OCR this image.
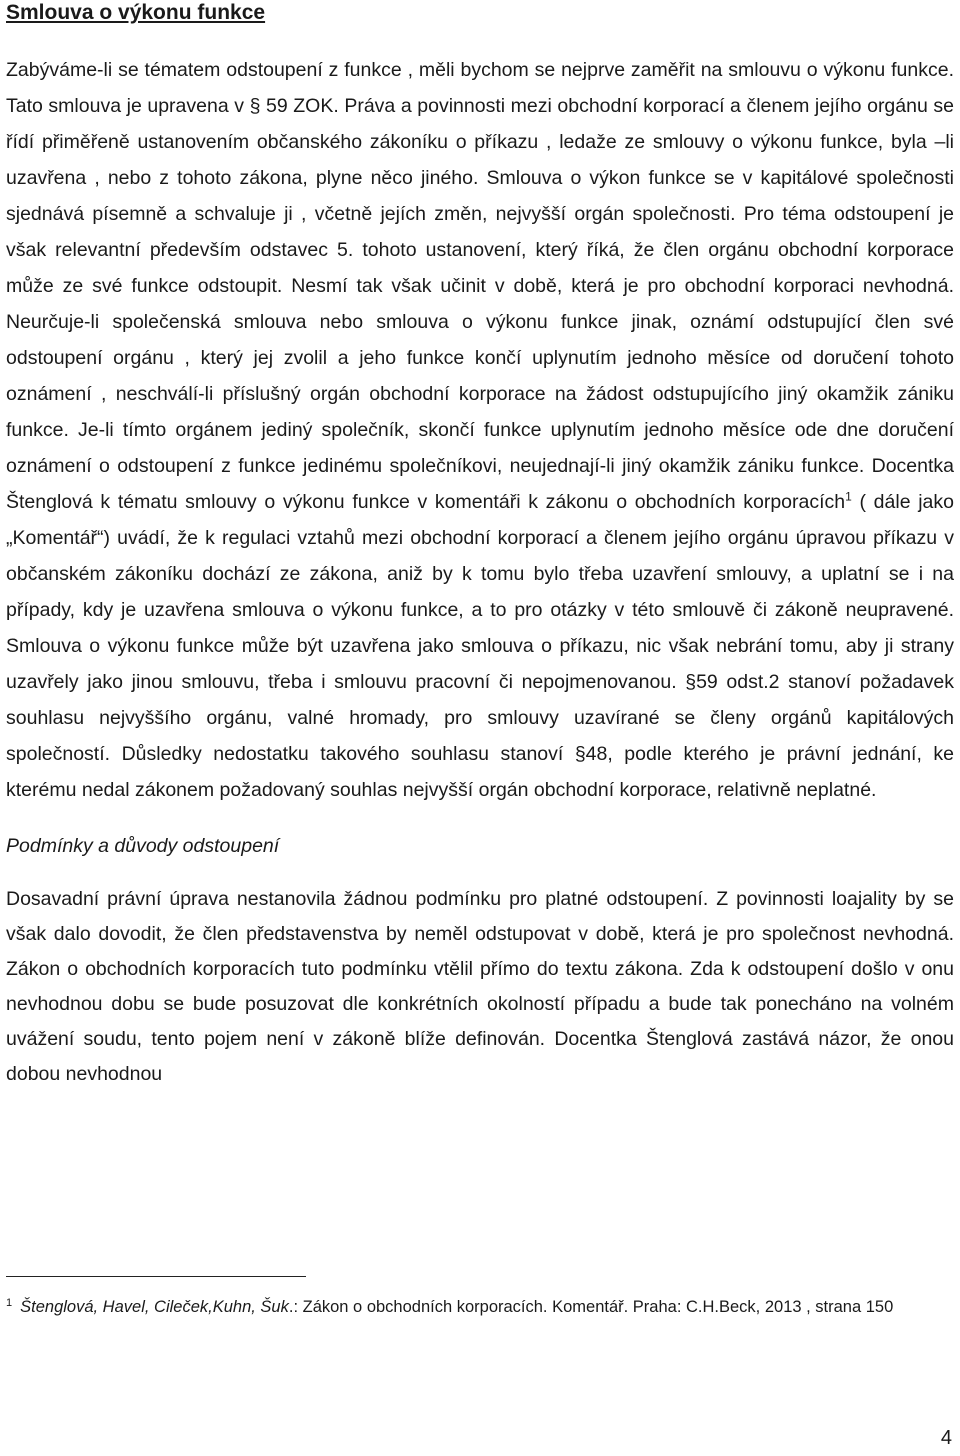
Smlouva o výkonu funkce

Zabýváme-li se tématem odstoupení z funkce , měli bychom se nejprve zaměřit na smlouvu o výkonu funkce. Tato smlouva je upravena v § 59 ZOK. Práva a povinnosti mezi obchodní korporací a členem jejího orgánu se řídí přiměřeně ustanovením občanského zákoníku o příkazu , ledaže ze smlouvy o výkonu funkce, byla –li uzavřena , nebo z tohoto zákona, plyne něco jiného. Smlouva o výkon funkce se v kapitálové společnosti sjednává písemně a schvaluje ji , včetně jejích změn, nejvyšší orgán společnosti. Pro téma odstoupení je však relevantní především odstavec 5. tohoto ustanovení, který říká, že člen orgánu obchodní korporace může ze své funkce odstoupit. Nesmí tak však učinit v době, která je pro obchodní korporaci nevhodná. Neurčuje-li společenská smlouva nebo smlouva o výkonu funkce jinak, oznámí odstupující člen své odstoupení orgánu , který jej zvolil a jeho funkce končí uplynutím jednoho měsíce od doručení tohoto oznámení , neschválí-li příslušný orgán obchodní korporace na žádost odstupujícího jiný okamžik zániku funkce. Je-li tímto orgánem jediný společník, skončí funkce uplynutím jednoho měsíce ode dne doručení oznámení o odstoupení z funkce jedinému společníkovi, neujednají-li jiný okamžik zániku funkce. Docentka Štenglová k tématu smlouvy o výkonu funkce v komentáři k zákonu o obchodních korporacích$^1$ ( dále jako „Komentář“) uvádí, že k regulaci vztahů mezi obchodní korporací a členem jejího orgánu úpravou příkazu v občanském zákoníku dochází ze zákona, aniž by k tomu bylo třeba uzavření smlouvy, a uplatní se i na případy, kdy je uzavřena smlouva o výkonu funkce, a to pro otázky v této smlouvě či zákoně neupravené. Smlouva o výkonu funkce může být uzavřena jako smlouva o příkazu, nic však nebrání tomu, aby ji strany uzavřely jako jinou smlouvu, třeba i smlouvu pracovní či nepojmenovanou. §59 odst.2 stanoví požadavek souhlasu nejvyššího orgánu, valné hromady, pro smlouvy uzavírané se členy orgánů kapitálových společností. Důsledky nedostatku takového souhlasu stanoví §48, podle kterého je právní jednání, ke kterému nedal zákonem požadovaný souhlas nejvyšší orgán obchodní korporace, relativně neplatné.

Podmínky a důvody odstoupení

Dosavadní právní úprava nestanovila žádnou podmínku pro platné odstoupení. Z povinnosti loajality by se však dalo dovodit, že člen představenstva by neměl odstupovat v době, která je pro společnost nevhodná. Zákon o obchodních korporacích tuto podmínku vtělil přímo do textu zákona. Zda k odstoupení došlo v onu nevhodnou dobu se bude posuzovat dle konkrétních okolností případu a bude tak ponecháno na volném uvážení soudu, tento pojem není v zákoně blíže definován. Docentka Štenglová zastává názor, že onou dobou nevhodnou

$^1$ Štenglová, Havel, Cileček,Kuhn, Šuk.: Zákon o obchodních korporacích. Komentář. Praha: C.H.Beck, 2013 , strana 150
4
